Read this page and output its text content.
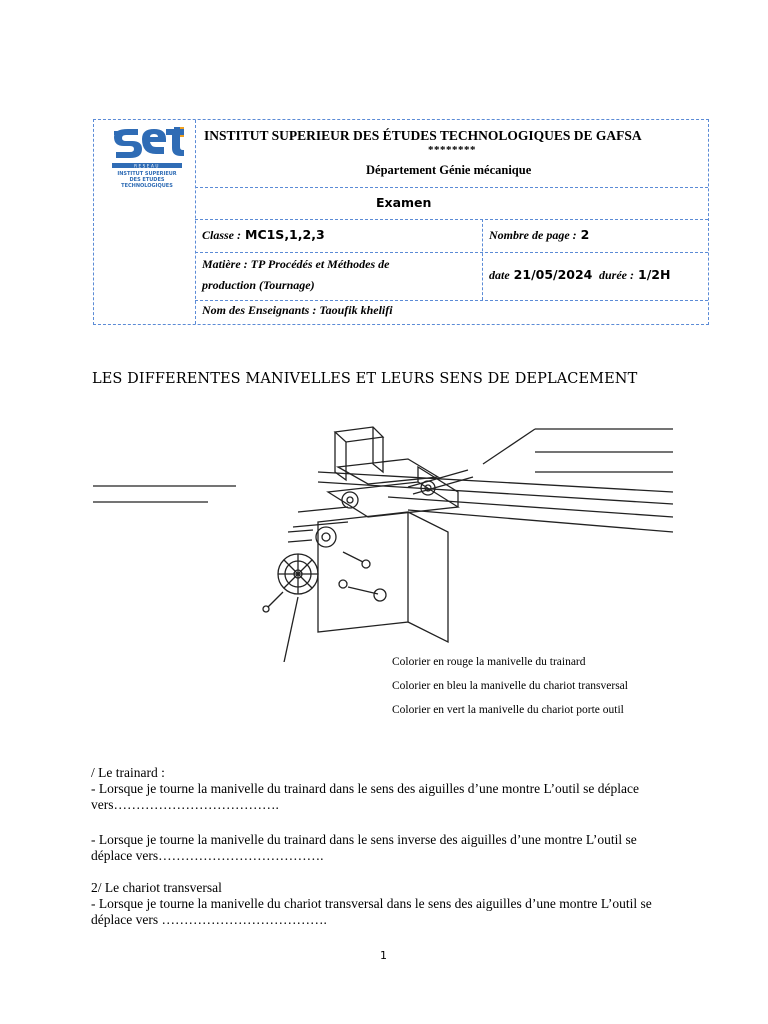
RESEAU
INSTITUT SUPERIEUR
DES ETUDES
TECHNOLOGIQUES
INSTITUT SUPERIEUR DES ÉTUDES TECHNOLOGIQUES DE GAFSA
********
Département Génie mécanique
Examen
Classe : MC1S,1,2,3	Nombre de page : 2
Matière : TP Procédés et Méthodes de
production (Tournage)
date 21/05/2024 durée : 1/2H
Nom des Enseignants : Taoufik khelifi
LES DIFFERENTES MANIVELLES ET LEURS SENS DE DEPLACEMENT
Colorier en rouge la manivelle du trainard
Colorier en bleu la manivelle du chariot transversal
Colorier en vert la manivelle du chariot porte outil
/ Le trainard :
- Lorsque je tourne la manivelle du trainard dans le sens des aiguilles d’une montre L’outil se déplace vers……………………………….
- Lorsque je tourne la manivelle du trainard dans le sens inverse des aiguilles d’une montre L’outil se déplace vers……………………………….
2/ Le chariot transversal
- Lorsque je tourne la manivelle du chariot transversal dans le sens des aiguilles d’une montre L’outil se déplace vers ……………………………….
1
